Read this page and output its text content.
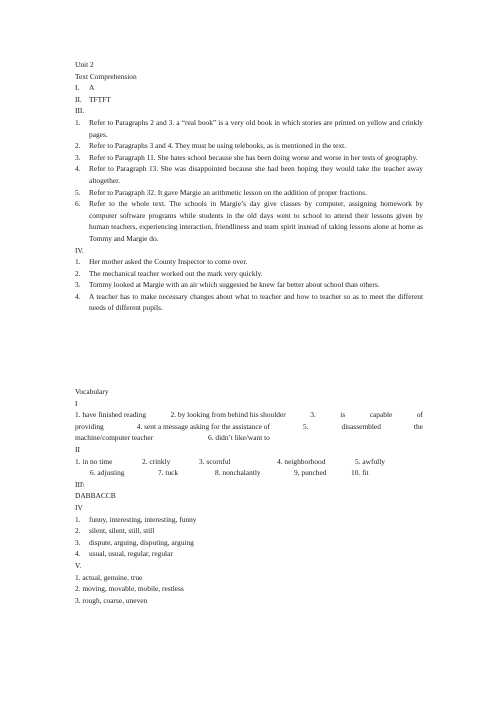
Unit 2
Text Comprehension
I. A
II. TFTFT
III.
1. Refer to Paragraphs 2 and 3. a “real book” is a very old book in which stories are printed on yellow and crinkly pages.
2. Refer to Paragraphs 3 and 4. They must be using telebooks, as is mentioned in the text.
3. Refer to Paragraph 11. She hates school because she has been doing worse and worse in her tests of geography.
4. Refer to Paragraph 13. She was disappointed because she had been hoping they would take the teacher away altogether.
5. Refer to Paragraph 32. It gave Margie an arithmetic lesson on the addition of proper fractions.
6. Refer to the whole text. The schools in Margie’s day give classes by computer, assigning homework by computer software programs while students in the old days went to school to attend their lessons given by human teachers, experiencing interaction, friendliness and team spirit instead of taking lessons alone at home as Tommy and Margie do.
IV.
1. Her mother asked the County Inspector to come over.
2. The mechanical teacher worked out the mark very quickly.
3. Tommy looked at Margie with an air which suggested he knew far better about school than others.
4. A teacher has to make necessary changes about what to teacher and how to teacher so as to meet the different needs of different pupils.
Vocabulary
I
1. have finished reading	2. by looking from behind his shoulder	3.	is	capable	of
providing	4. sent a message asking for the assistance of	5.	disassembled	the
machine/computer teacher	6. didn’t like/want to
II
1. in no time	2. crinkly	3. scornful	4. neighborhood	5. awfully
6. adjusting	7. tuck	8. nonchalantly	9, punched	10. fit
III\
DABBACCB
IV
1. funny, interesting, interesting, funny
2. silent, silent, still, still
3. dispute, arguing, disputing, arguing
4. usual, usual, regular, regular
V.
1. actual, genuine, true
2. moving, movable, mobile, restless
3. rough, coarse, uneven
